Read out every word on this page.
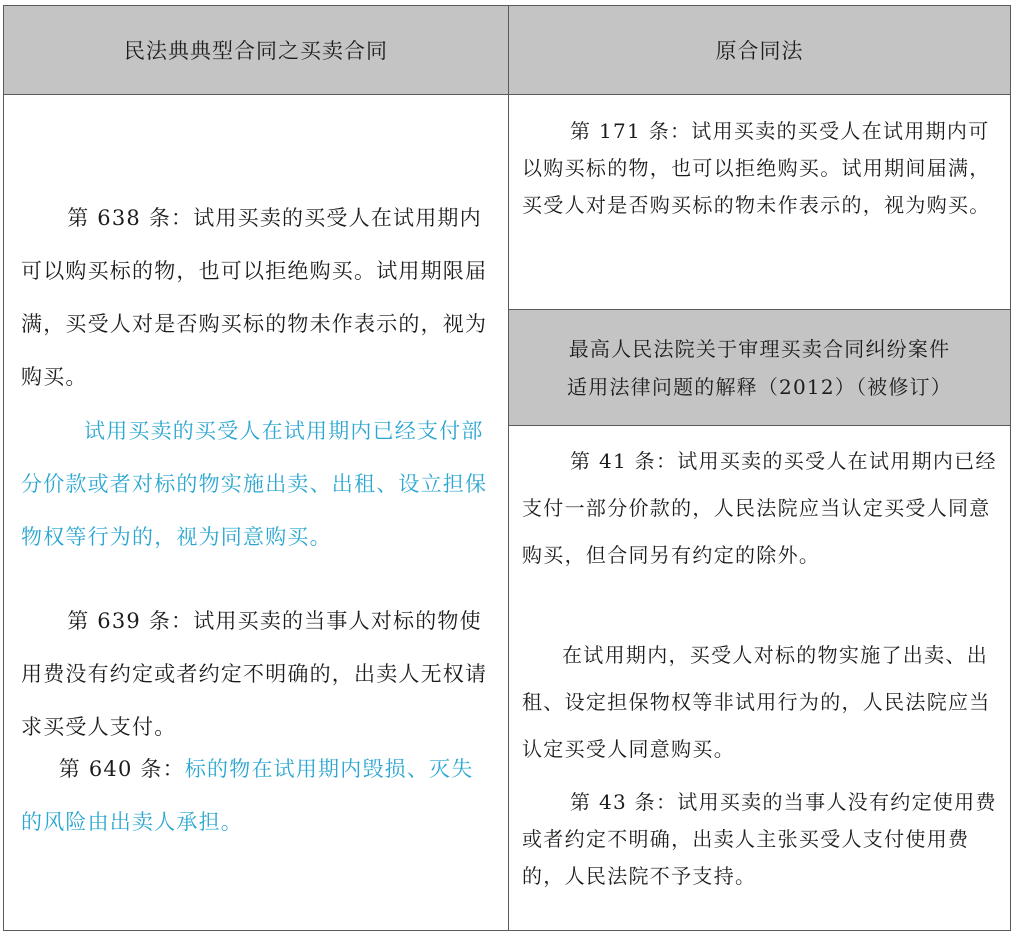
民法典典型合同之买卖合同	原合同法

第 638 条：试用买卖的买受人在试用期内可以购买标的物，也可以拒绝购买。试用期限届满，买受人对是否购买标的物未作表示的，视为购买。

试用买卖的买受人在试用期内已经支付部分价款或者对标的物实施出卖、出租、设立担保物权等行为的，视为同意购买。

第 639 条：试用买卖的当事人对标的物使用费没有约定或者约定不明确的，出卖人无权请求买受人支付。

第 640 条：标的物在试用期内毁损、灭失的风险由出卖人承担。

第 171 条：试用买卖的买受人在试用期内可以购买标的物，也可以拒绝购买。试用期间届满，买受人对是否购买标的物未作表示的，视为购买。

最高人民法院关于审理买卖合同纠纷案件
适用法律问题的解释（2012）（被修订）

第 41 条：试用买卖的买受人在试用期内已经支付一部分价款的，人民法院应当认定买受人同意购买，但合同另有约定的除外。

在试用期内，买受人对标的物实施了出卖、出租、设定担保物权等非试用行为的，人民法院应当认定买受人同意购买。

第 43 条：试用买卖的当事人没有约定使用费或者约定不明确，出卖人主张买受人支付使用费的，人民法院不予支持。
